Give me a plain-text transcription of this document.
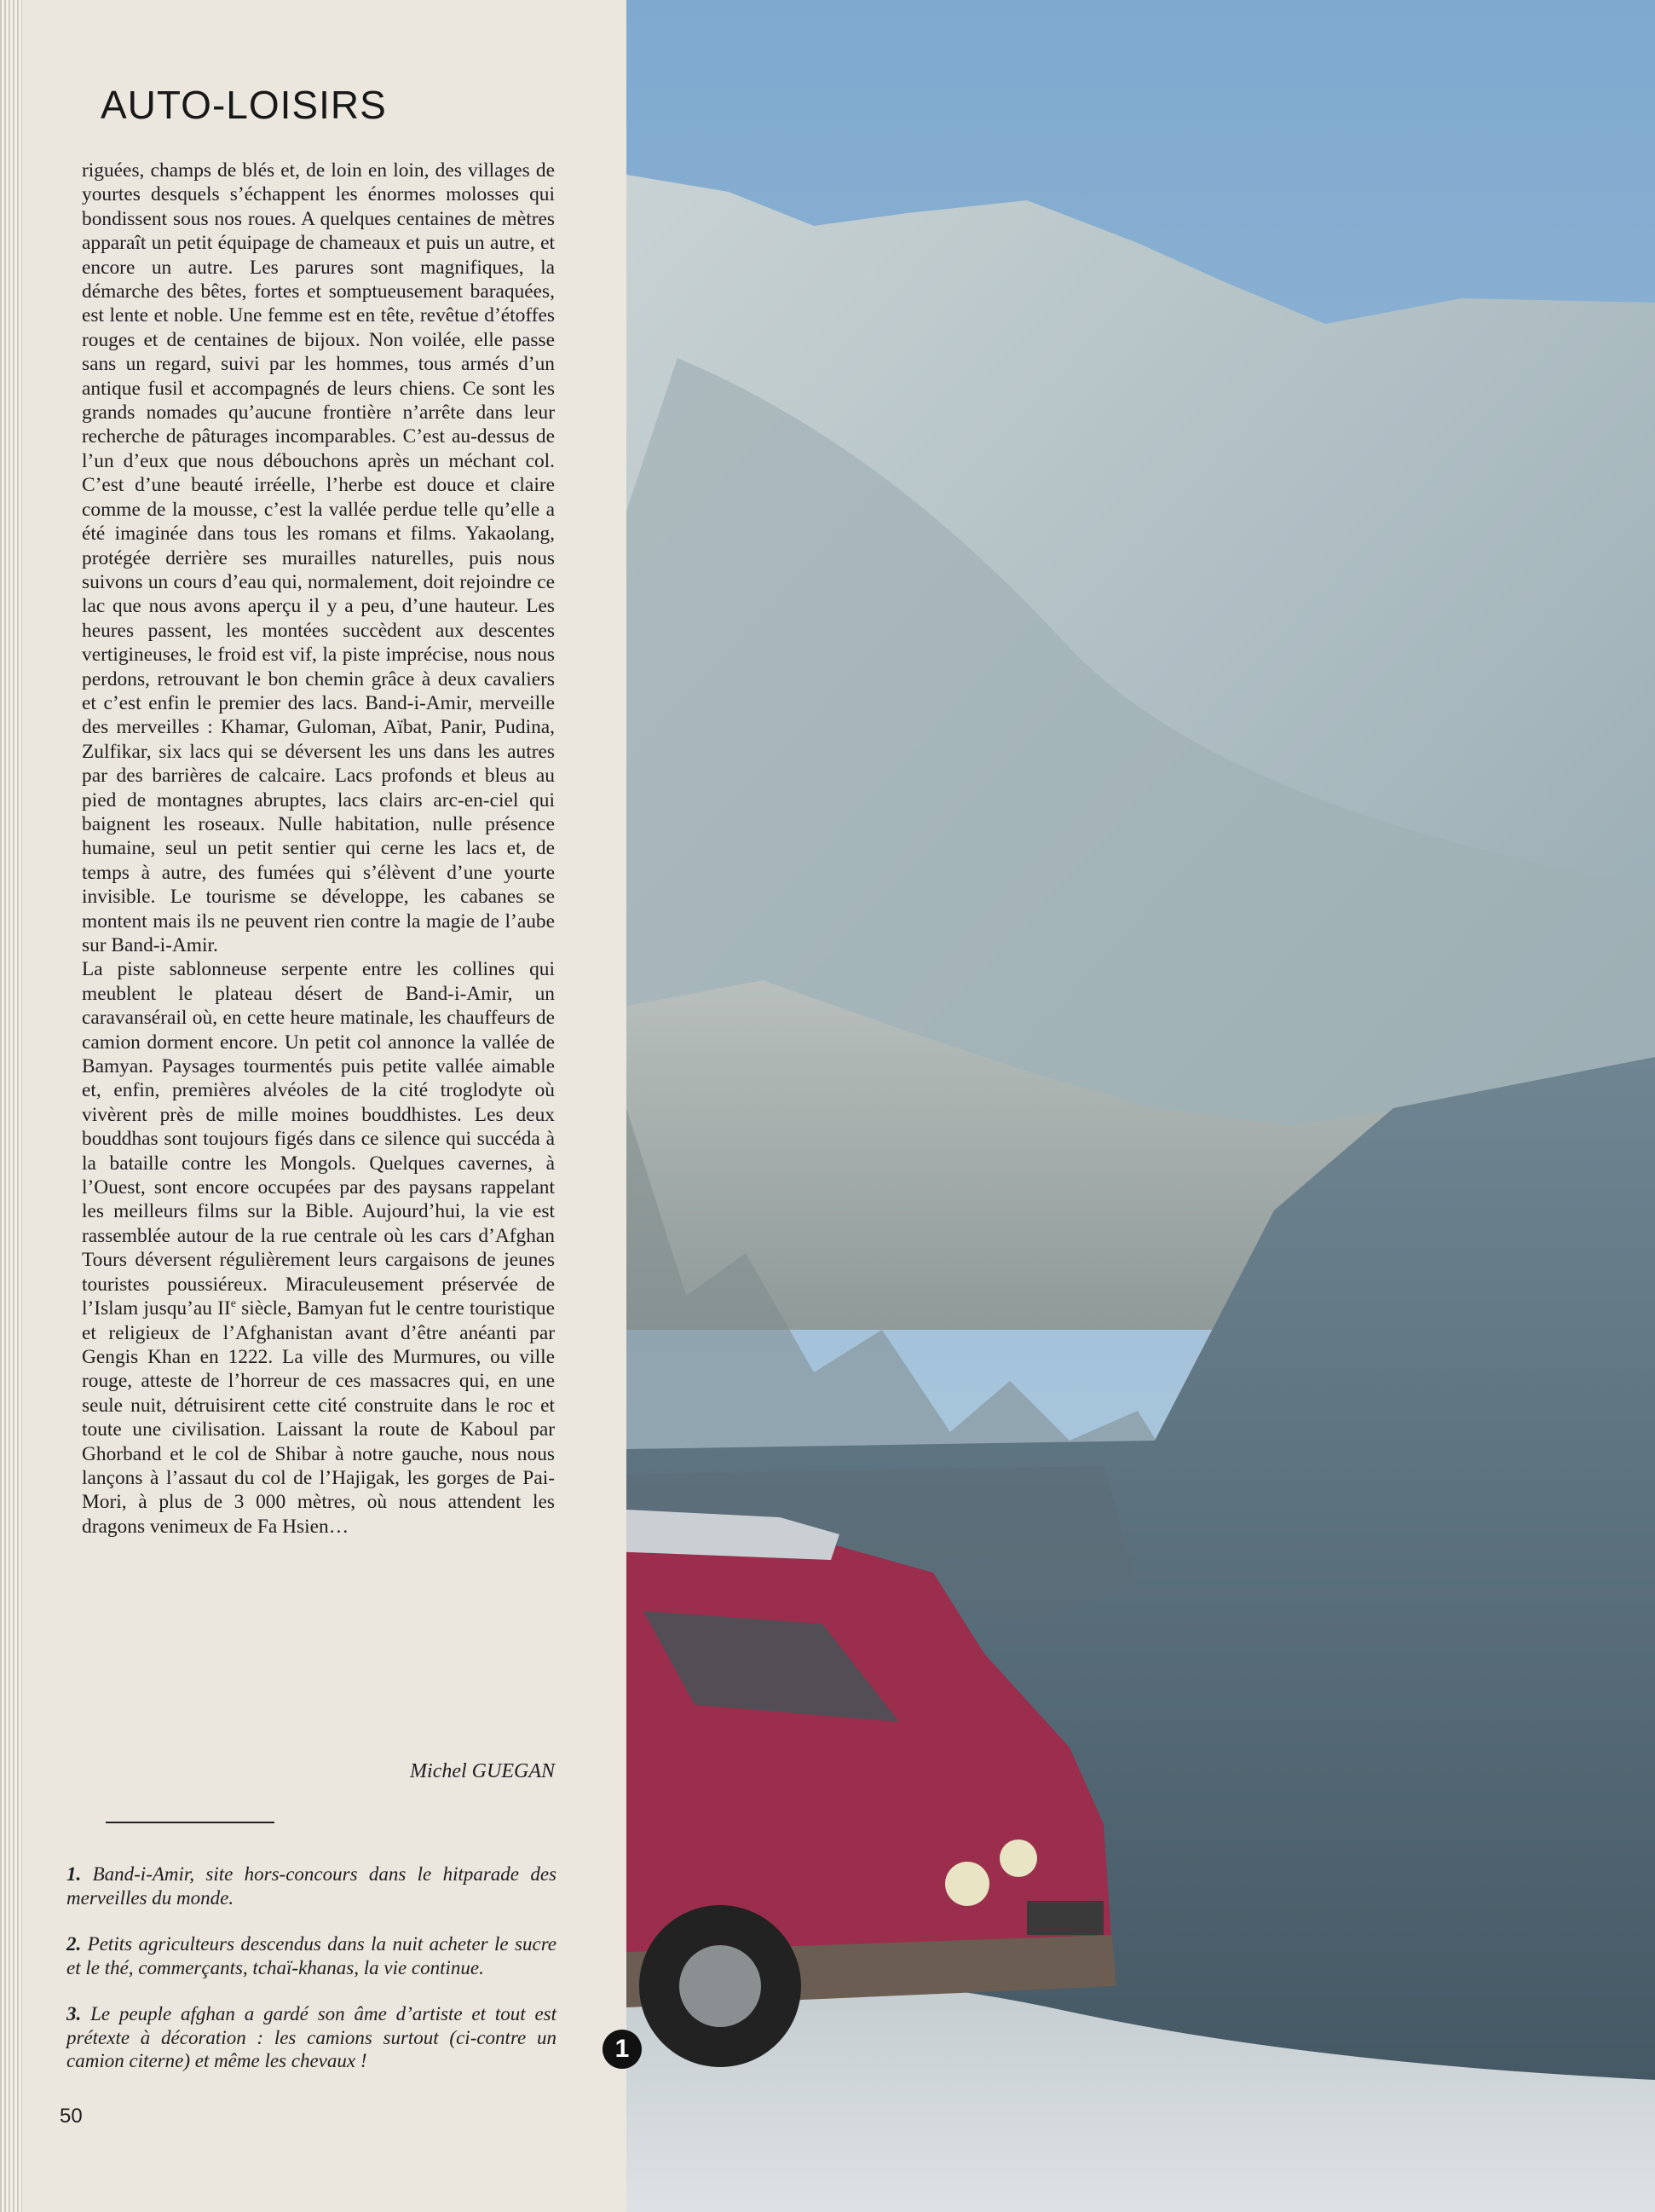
AUTO-LOISIRS

riguées, champs de blés et, de loin en loin, des villages de yourtes desquels s’échappent les énormes molosses qui bondissent sous nos roues. A quelques centaines de mètres apparaît un petit équipage de chameaux et puis un autre, et encore un autre. Les parures sont magnifiques, la démarche des bêtes, fortes et somptueusement baraquées, est lente et noble. Une femme est en tête, revêtue d’étoffes rouges et de centaines de bijoux. Non voilée, elle passe sans un regard, suivi par les hommes, tous armés d’un antique fusil et accompagnés de leurs chiens. Ce sont les grands nomades qu’aucune frontière n’arrête dans leur recherche de pâturages incomparables. C’est au-dessus de l’un d’eux que nous débouchons après un méchant col. C’est d’une beauté irréelle, l’herbe est douce et claire comme de la mousse, c’est la vallée perdue telle qu’elle a été imaginée dans tous les romans et films. Yakaolang, protégée derrière ses murailles naturelles, puis nous suivons un cours d’eau qui, normalement, doit rejoindre ce lac que nous avons aperçu il y a peu, d’une hauteur. Les heures passent, les montées succèdent aux descentes vertigineuses, le froid est vif, la piste imprécise, nous nous perdons, retrouvant le bon chemin grâce à deux cavaliers et c’est enfin le premier des lacs. Band-i-Amir, merveille des merveilles : Khamar, Guloman, Aïbat, Panir, Pudina, Zulfikar, six lacs qui se déversent les uns dans les autres par des barrières de calcaire. Lacs profonds et bleus au pied de montagnes abruptes, lacs clairs arc-en-ciel qui baignent les roseaux. Nulle habitation, nulle présence humaine, seul un petit sentier qui cerne les lacs et, de temps à autre, des fumées qui s’élèvent d’une yourte invisible. Le tourisme se développe, les cabanes se montent mais ils ne peuvent rien contre la magie de l’aube sur Band-i-Amir.

La piste sablonneuse serpente entre les collines qui meublent le plateau désert de Band-i-Amir, un caravansérail où, en cette heure matinale, les chauffeurs de camion dorment encore. Un petit col annonce la vallée de Bamyan. Paysages tourmentés puis petite vallée aimable et, enfin, premières alvéoles de la cité troglodyte où vivèrent près de mille moines bouddhistes. Les deux bouddhas sont toujours figés dans ce silence qui succéda à la bataille contre les Mongols. Quelques cavernes, à l’Ouest, sont encore occupées par des paysans rappelant les meilleurs films sur la Bible. Aujourd’hui, la vie est rassemblée autour de la rue centrale où les cars d’Afghan Tours déversent régulièrement leurs cargaisons de jeunes touristes poussiéreux. Miraculeusement préservée de l’Islam jusqu’au IIe siècle, Bamyan fut le centre touristique et religieux de l’Afghanistan avant d’être anéanti par Gengis Khan en 1222. La ville des Murmures, ou ville rouge, atteste de l’horreur de ces massacres qui, en une seule nuit, détruisirent cette cité construite dans le roc et toute une civilisation. Laissant la route de Kaboul par Ghorband et le col de Shibar à notre gauche, nous nous lançons à l’assaut du col de l’Hajigak, les gorges de Pai-Mori, à plus de 3 000 mètres, où nous attendent les dragons venimeux de Fa Hsien…

Michel GUEGAN

1. Band-i-Amir, site hors-concours dans le hitparade des merveilles du monde.

2. Petits agriculteurs descendus dans la nuit acheter le sucre et le thé, commerçants, tchaï-khanas, la vie continue.

3. Le peuple afghan a gardé son âme d’artiste et tout est prétexte à décoration : les camions surtout (ci-contre un camion citerne) et même les chevaux !	1
50
